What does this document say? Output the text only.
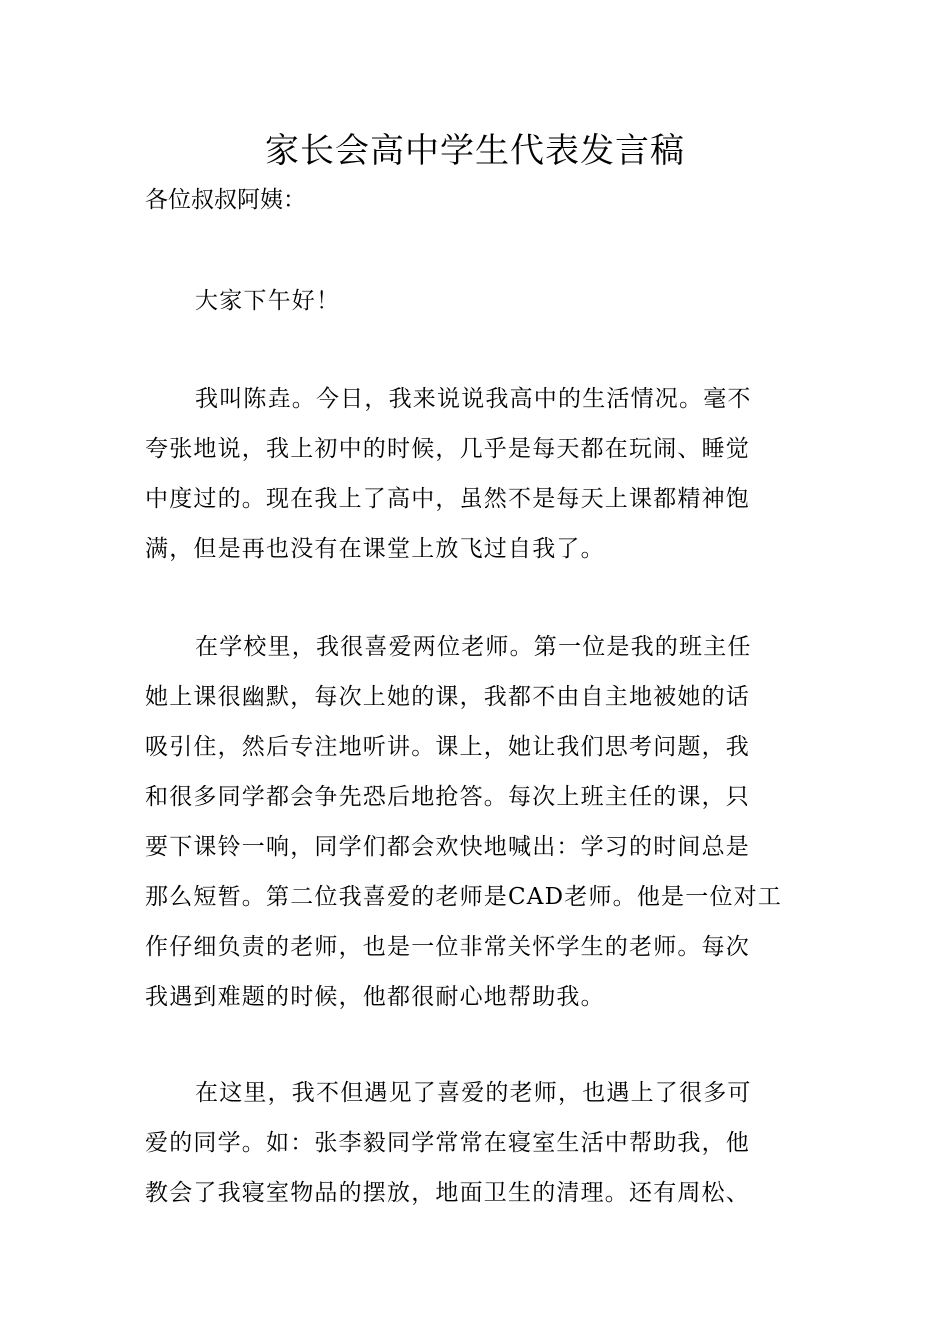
家长会高中学生代表发言稿

各位叔叔阿姨：

大家下午好！

我叫陈垚。今日，我来说说我高中的生活情况。毫不
夸张地说，我上初中的时候，几乎是每天都在玩闹、睡觉
中度过的。现在我上了高中，虽然不是每天上课都精神饱
满，但是再也没有在课堂上放飞过自我了。

在学校里，我很喜爱两位老师。第一位是我的班主任
她上课很幽默，每次上她的课，我都不由自主地被她的话
吸引住，然后专注地听讲。课上，她让我们思考问题，我
和很多同学都会争先恐后地抢答。每次上班主任的课，只
要下课铃一响，同学们都会欢快地喊出：学习的时间总是
那么短暂。第二位我喜爱的老师是CAD老师。他是一位对工
作仔细负责的老师，也是一位非常关怀学生的老师。每次
我遇到难题的时候，他都很耐心地帮助我。

在这里，我不但遇见了喜爱的老师，也遇上了很多可
爱的同学。如：张李毅同学常常在寝室生活中帮助我，他
教会了我寝室物品的摆放，地面卫生的清理。还有周松、
